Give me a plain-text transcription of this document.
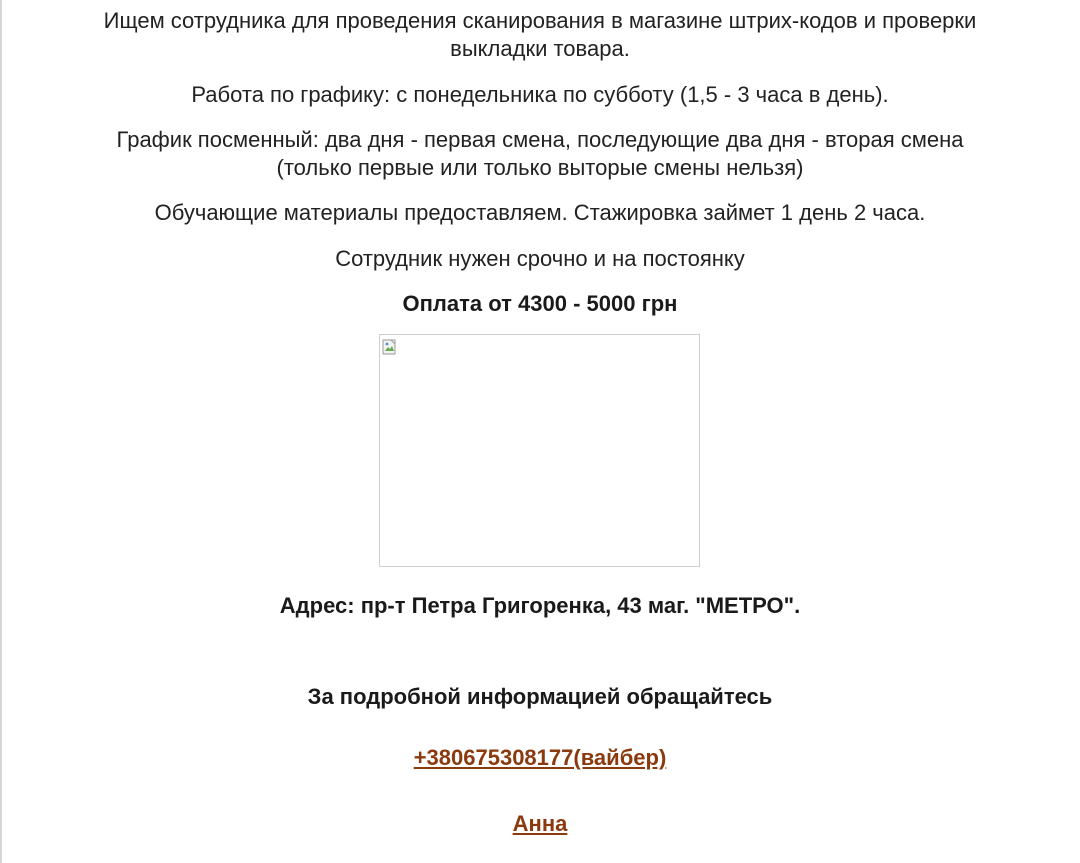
Ищем сотрудника для проведения сканирования в магазине штрих-кодов и проверки
выкладки товара.
Работа по графику: с понедельника по субботу (1,5 - 3 часа в день).
График посменный: два дня - первая смена, последующие два дня - вторая смена
(только первые или только выторые смены нельзя)
Обучающие материалы предоставляем. Стажировка займет 1 день 2 часа.
Сотрудник нужен срочно и на постоянку
Оплата от 4300 - 5000 грн
Адрес: пр-т Петра Григоренка, 43 маг. "МЕТРО".
За подробной информацией обращайтесь
+380675308177(вайбер)
Анна
